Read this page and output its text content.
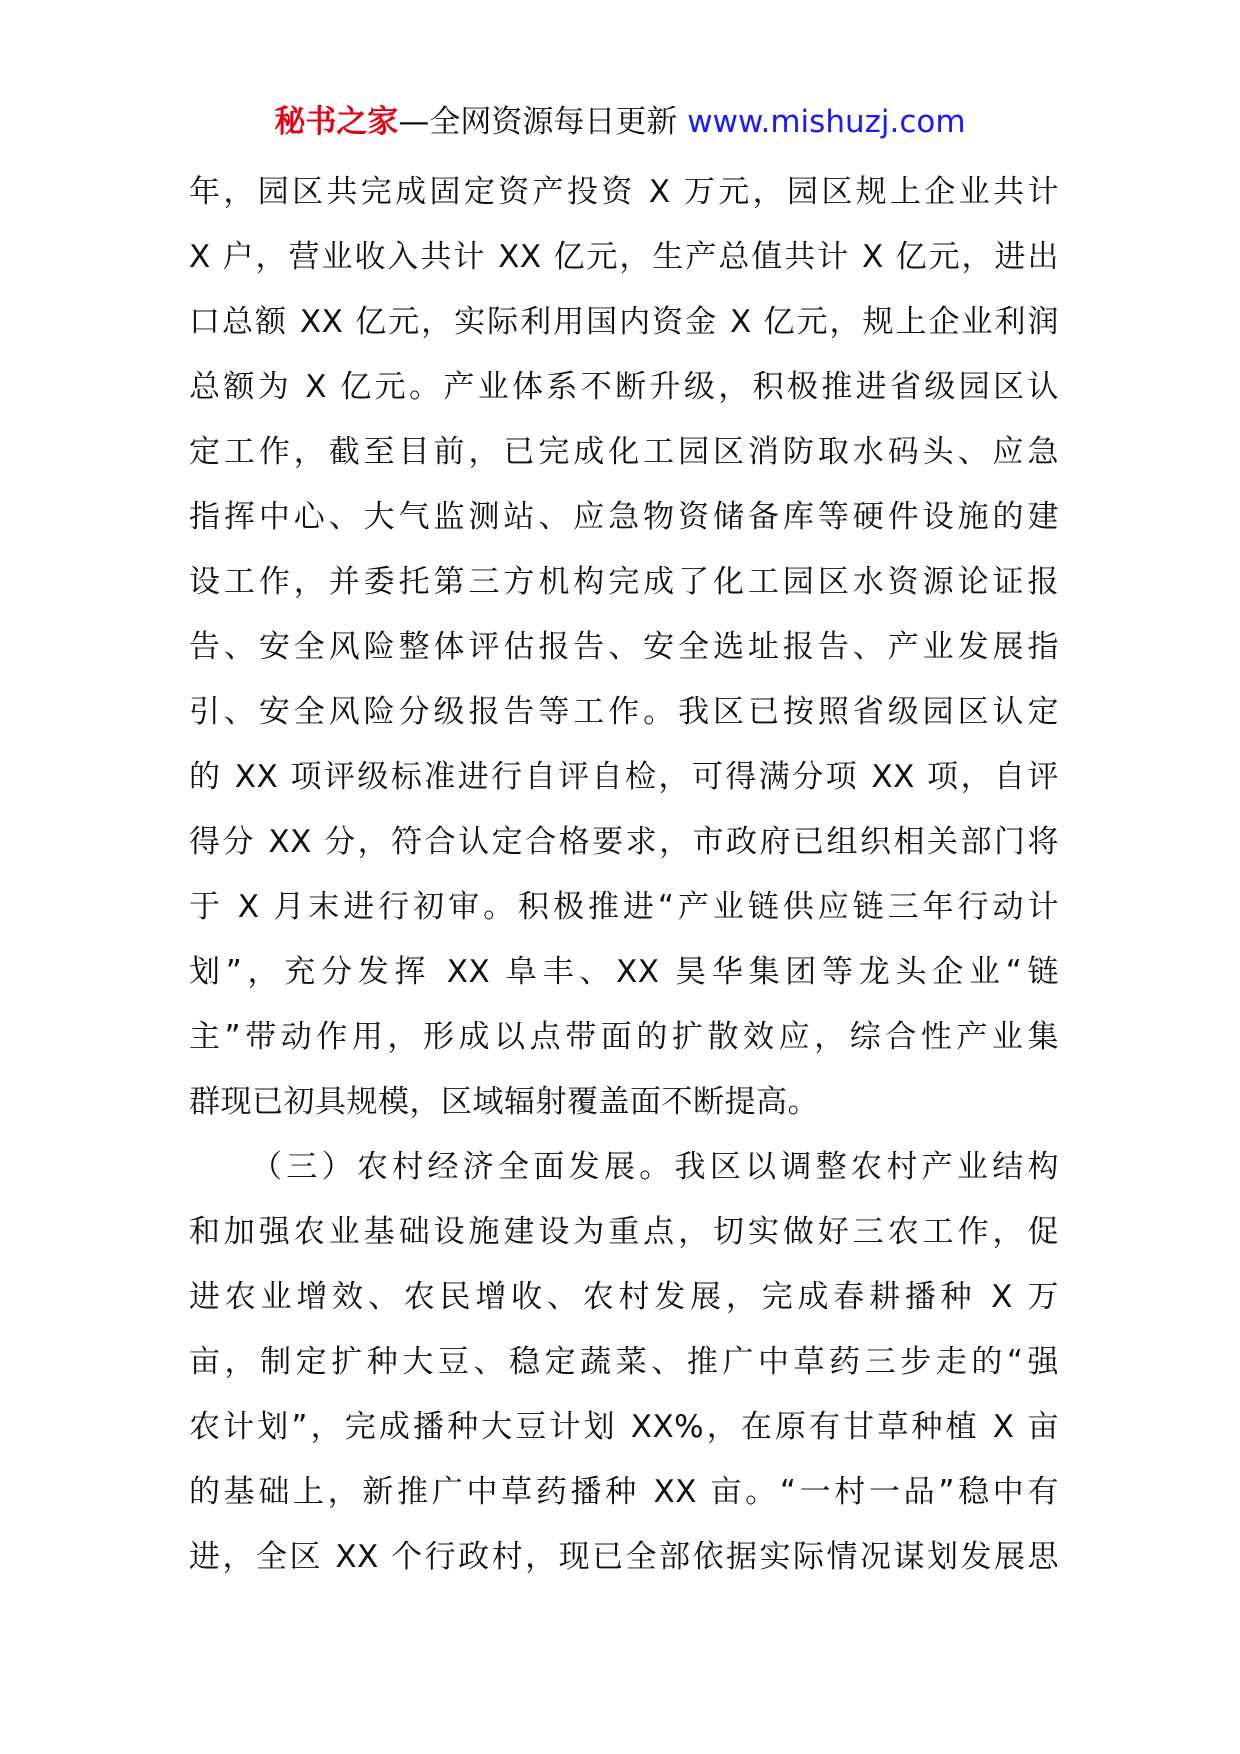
秘书之家—全网资源每日更新 www.mishuzj.com
年，园区共完成固定资产投资 X 万元，园区规上企业共计
X 户，营业收入共计 XX 亿元，生产总值共计 X 亿元，进出
口总额 XX 亿元，实际利用国内资金 X 亿元，规上企业利润
总额为 X 亿元。产业体系不断升级，积极推进省级园区认
定工作，截至目前，已完成化工园区消防取水码头、应急
指挥中心、大气监测站、应急物资储备库等硬件设施的建
设工作，并委托第三方机构完成了化工园区水资源论证报
告、安全风险整体评估报告、安全选址报告、产业发展指
引、安全风险分级报告等工作。我区已按照省级园区认定
的 XX 项评级标准进行自评自检，可得满分项 XX 项，自评
得分 XX 分，符合认定合格要求，市政府已组织相关部门将
于 X 月末进行初审。积极推进“产业链供应链三年行动计
划”，充分发挥 XX 阜丰、XX 昊华集团等龙头企业“链
主”带动作用，形成以点带面的扩散效应，综合性产业集
群现已初具规模，区域辐射覆盖面不断提高。
（三）农村经济全面发展。我区以调整农村产业结构
和加强农业基础设施建设为重点，切实做好三农工作，促
进农业增效、农民增收、农村发展，完成春耕播种 X 万
亩，制定扩种大豆、稳定蔬菜、推广中草药三步走的“强
农计划”，完成播种大豆计划 XX%，在原有甘草种植 X 亩
的基础上，新推广中草药播种 XX 亩。“一村一品”稳中有
进，全区 XX 个行政村，现已全部依据实际情况谋划发展思
